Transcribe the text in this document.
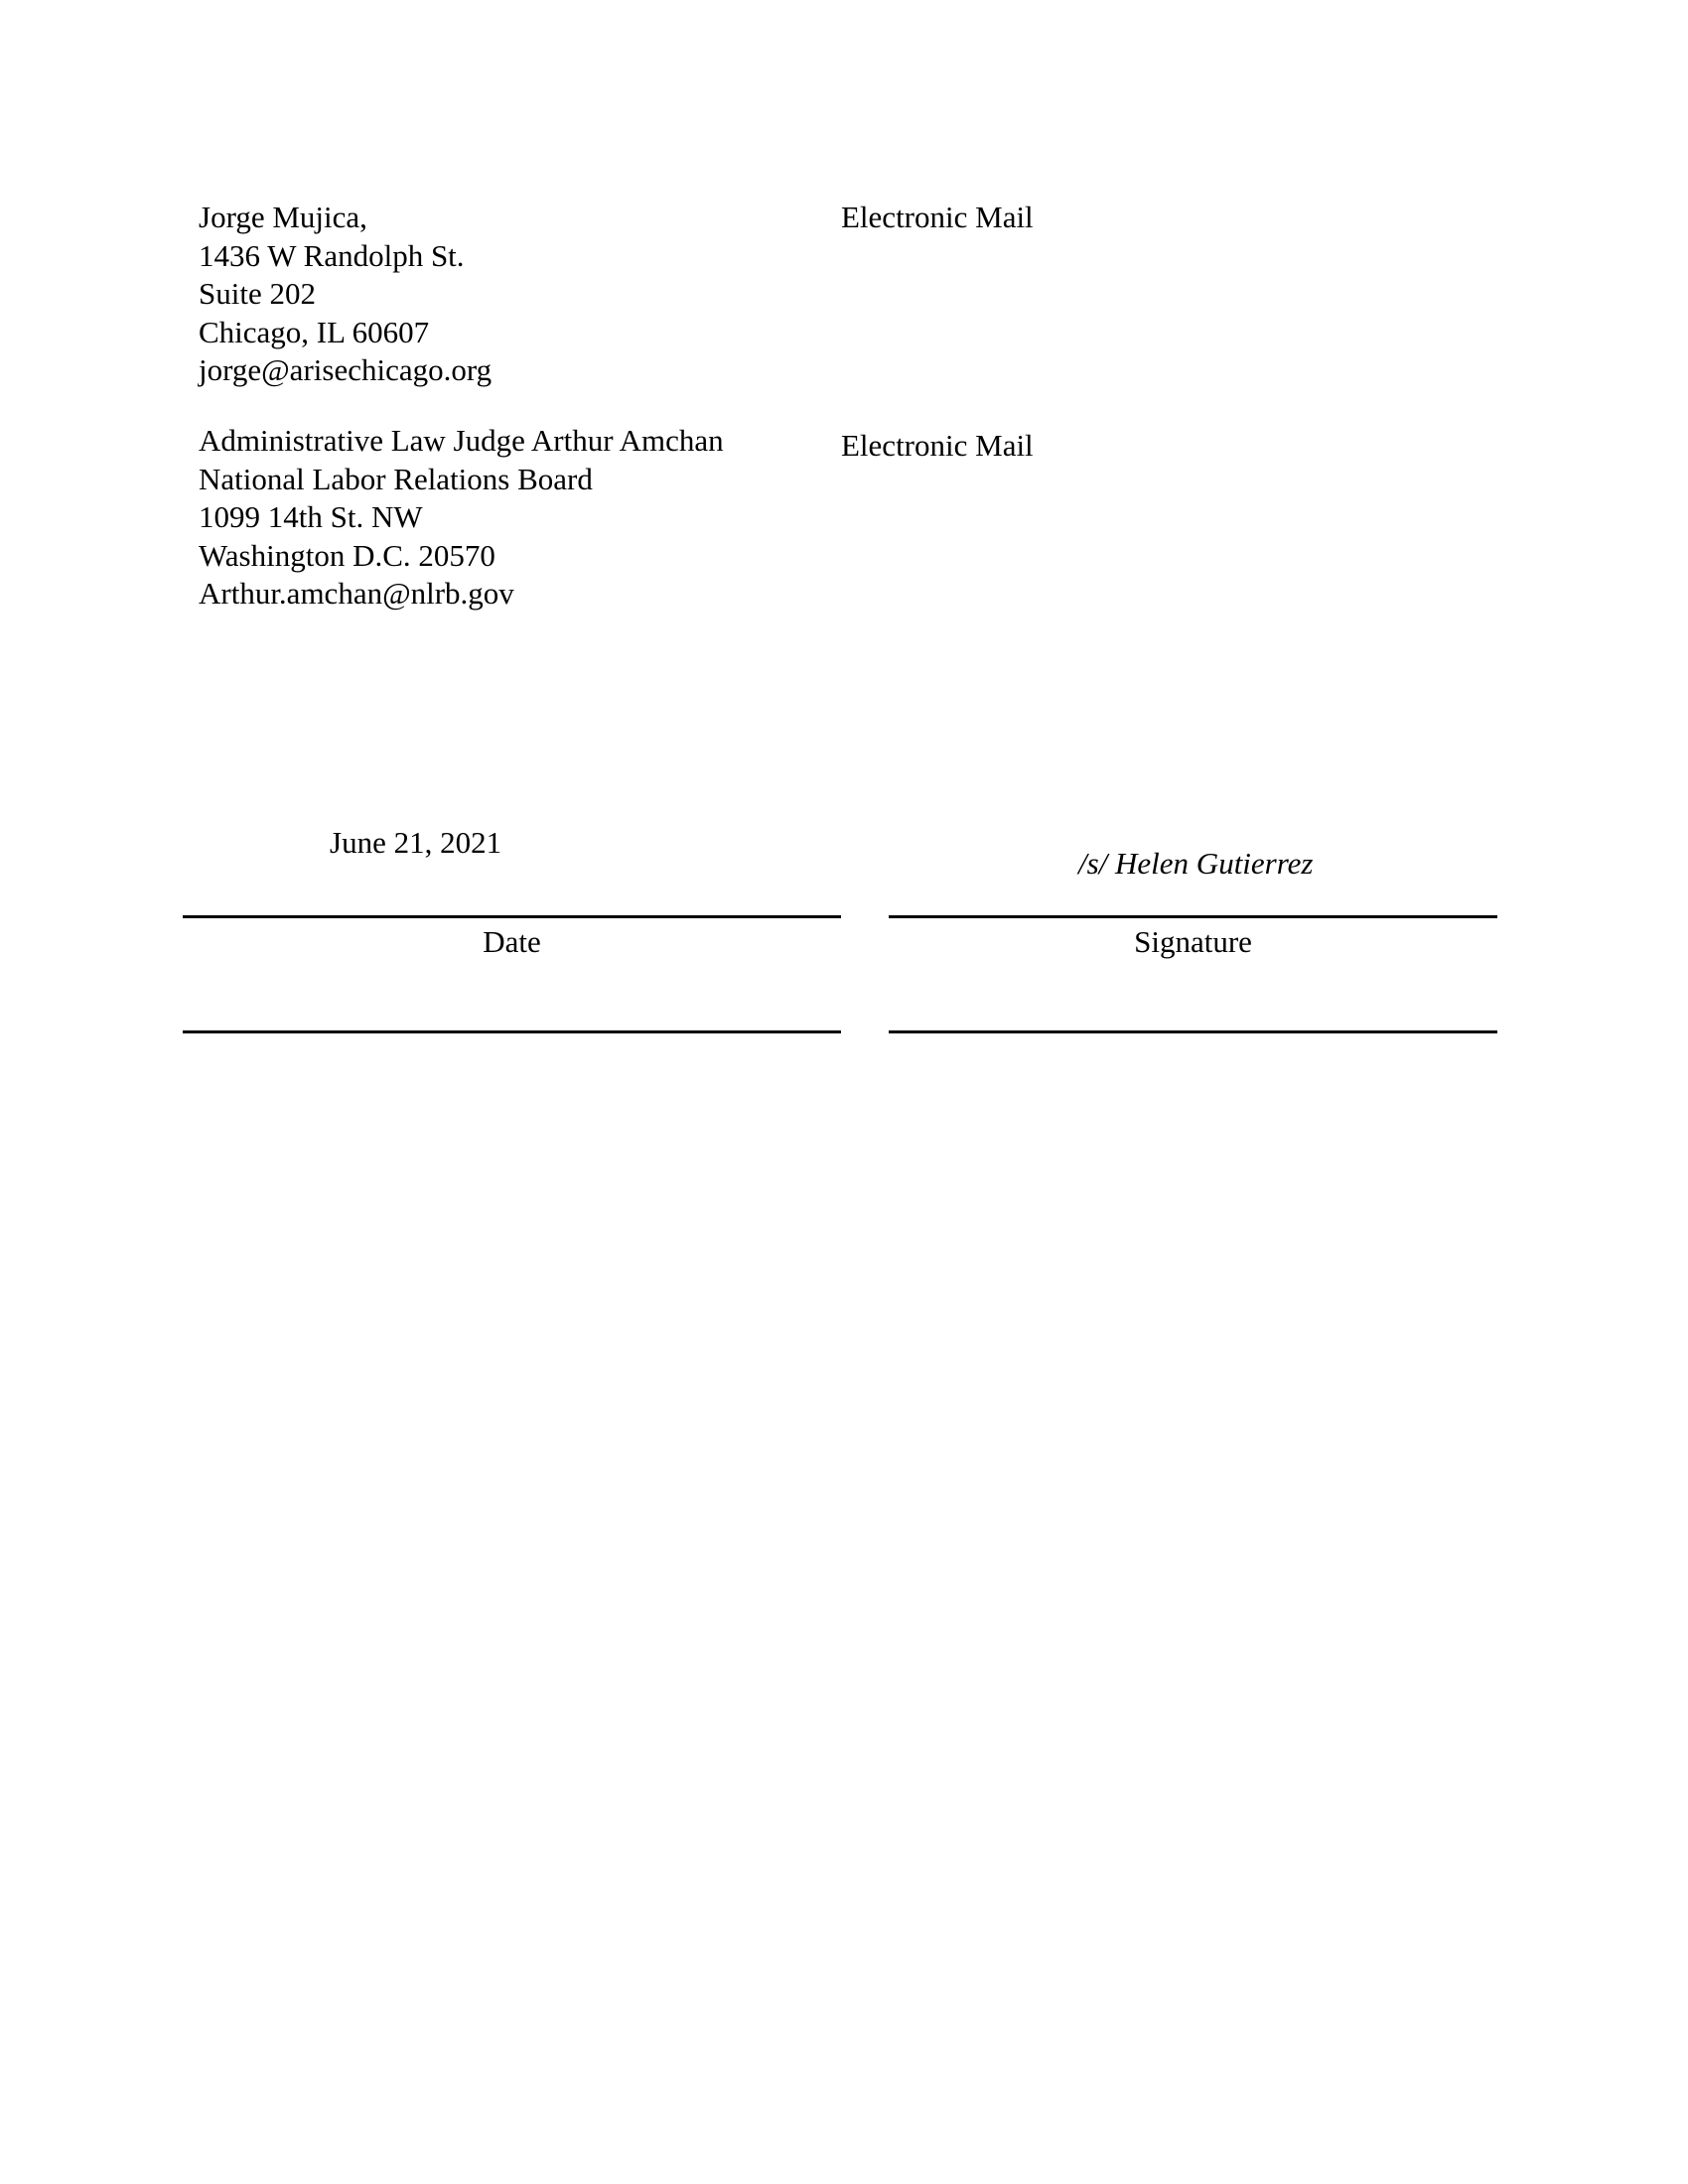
Jorge Mujica,
1436 W Randolph St.
Suite 202
Chicago, IL 60607
jorge@arisechicago.org
Electronic Mail
Administrative Law Judge Arthur Amchan
National Labor Relations Board
1099 14th St. NW
Washington D.C. 20570
Arthur.amchan@nlrb.gov
Electronic Mail
June 21, 2021
/s/ Helen Gutierrez
Date	Signature
